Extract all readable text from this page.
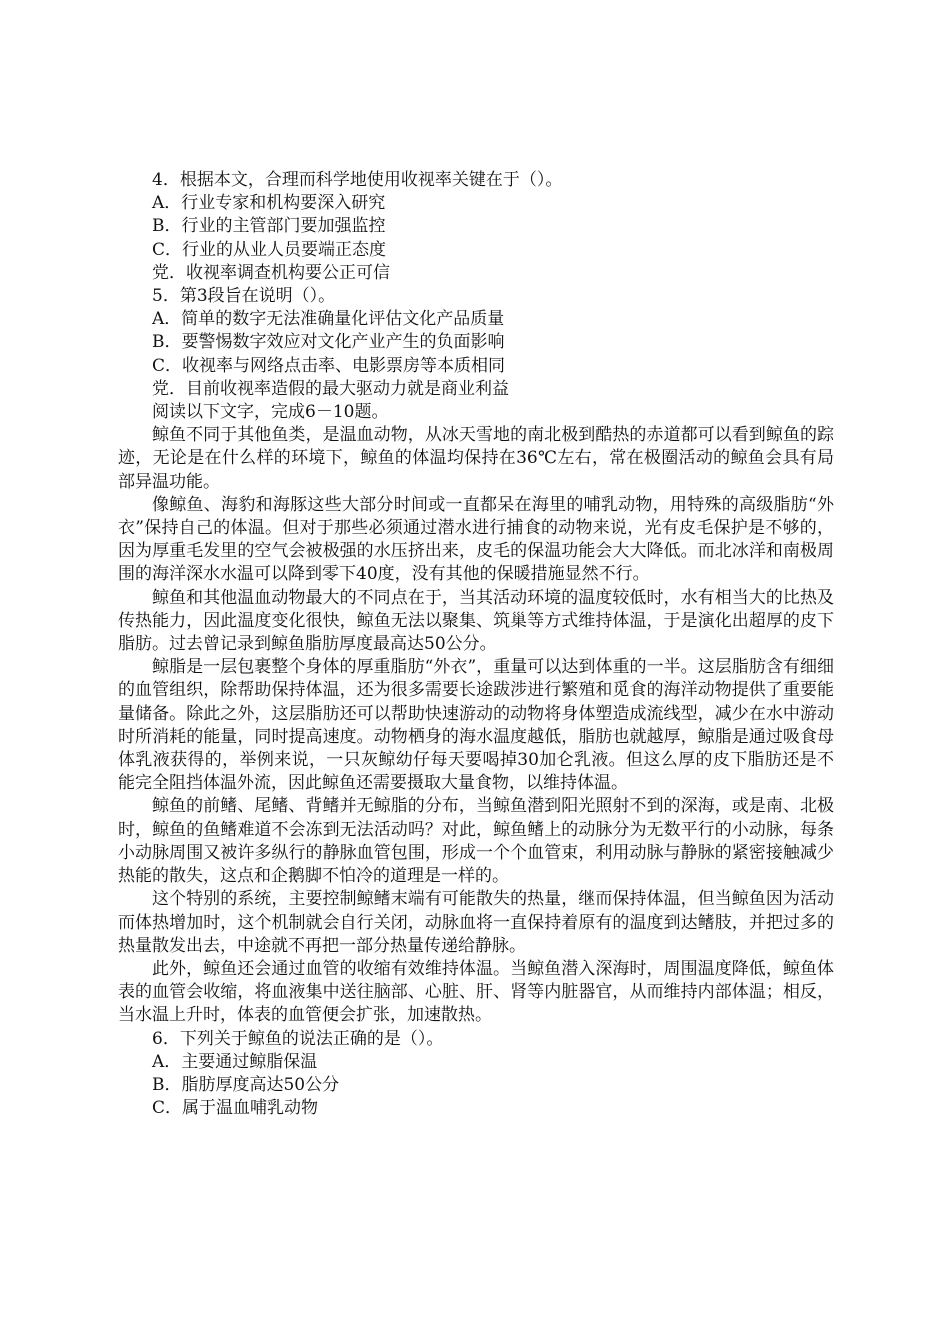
4．根据本文，合理而科学地使用收视率关键在于（）。

A．行业专家和机构要深入研究

B．行业的主管部门要加强监控

C．行业的从业人员要端正态度

党．收视率调查机构要公正可信

5．第3段旨在说明（）。

A．简单的数字无法准确量化评估文化产品质量

B．要警惕数字效应对文化产业产生的负面影响

C．收视率与网络点击率、电影票房等本质相同

党．目前收视率造假的最大驱动力就是商业利益

阅读以下文字，完成6－10题。

鲸鱼不同于其他鱼类，是温血动物，从冰天雪地的南北极到酷热的赤道都可以看到鲸鱼的踪迹，无论是在什么样的环境下，鲸鱼的体温均保持在36℃左右，常在极圈活动的鲸鱼会具有局部异温功能。

像鲸鱼、海豹和海豚这些大部分时间或一直都呆在海里的哺乳动物，用特殊的高级脂肪“外衣”保持自己的体温。但对于那些必须通过潜水进行捕食的动物来说，光有皮毛保护是不够的，因为厚重毛发里的空气会被极强的水压挤出来，皮毛的保温功能会大大降低。而北冰洋和南极周围的海洋深水水温可以降到零下40度，没有其他的保暖措施显然不行。

鲸鱼和其他温血动物最大的不同点在于，当其活动环境的温度较低时，水有相当大的比热及传热能力，因此温度变化很快，鲸鱼无法以聚集、筑巢等方式维持体温，于是演化出超厚的皮下脂肪。过去曾记录到鲸鱼脂肪厚度最高达50公分。

鲸脂是一层包裹整个身体的厚重脂肪“外衣”，重量可以达到体重的一半。这层脂肪含有细细的血管组织，除帮助保持体温，还为很多需要长途跋涉进行繁殖和觅食的海洋动物提供了重要能量储备。除此之外，这层脂肪还可以帮助快速游动的动物将身体塑造成流线型，减少在水中游动时所消耗的能量，同时提高速度。动物栖身的海水温度越低，脂肪也就越厚，鲸脂是通过吸食母体乳液获得的，举例来说，一只灰鲸幼仔每天要喝掉30加仑乳液。但这么厚的皮下脂肪还是不能完全阻挡体温外流，因此鲸鱼还需要摄取大量食物，以维持体温。

鲸鱼的前鳍、尾鳍、背鳍并无鲸脂的分布，当鲸鱼潜到阳光照射不到的深海，或是南、北极时，鲸鱼的鱼鳍难道不会冻到无法活动吗？对此，鲸鱼鳍上的动脉分为无数平行的小动脉，每条小动脉周围又被许多纵行的静脉血管包围，形成一个个血管束，利用动脉与静脉的紧密接触减少热能的散失，这点和企鹅脚不怕冷的道理是一样的。

这个特别的系统，主要控制鲸鳍末端有可能散失的热量，继而保持体温，但当鲸鱼因为活动而体热增加时，这个机制就会自行关闭，动脉血将一直保持着原有的温度到达鳍肢，并把过多的热量散发出去，中途就不再把一部分热量传递给静脉。

此外，鲸鱼还会通过血管的收缩有效维持体温。当鲸鱼潜入深海时，周围温度降低，鲸鱼体表的血管会收缩，将血液集中送往脑部、心脏、肝、肾等内脏器官，从而维持内部体温；相反，当水温上升时，体表的血管便会扩张，加速散热。

6．下列关于鲸鱼的说法正确的是（）。

A．主要通过鲸脂保温

B．脂肪厚度高达50公分

C．属于温血哺乳动物
